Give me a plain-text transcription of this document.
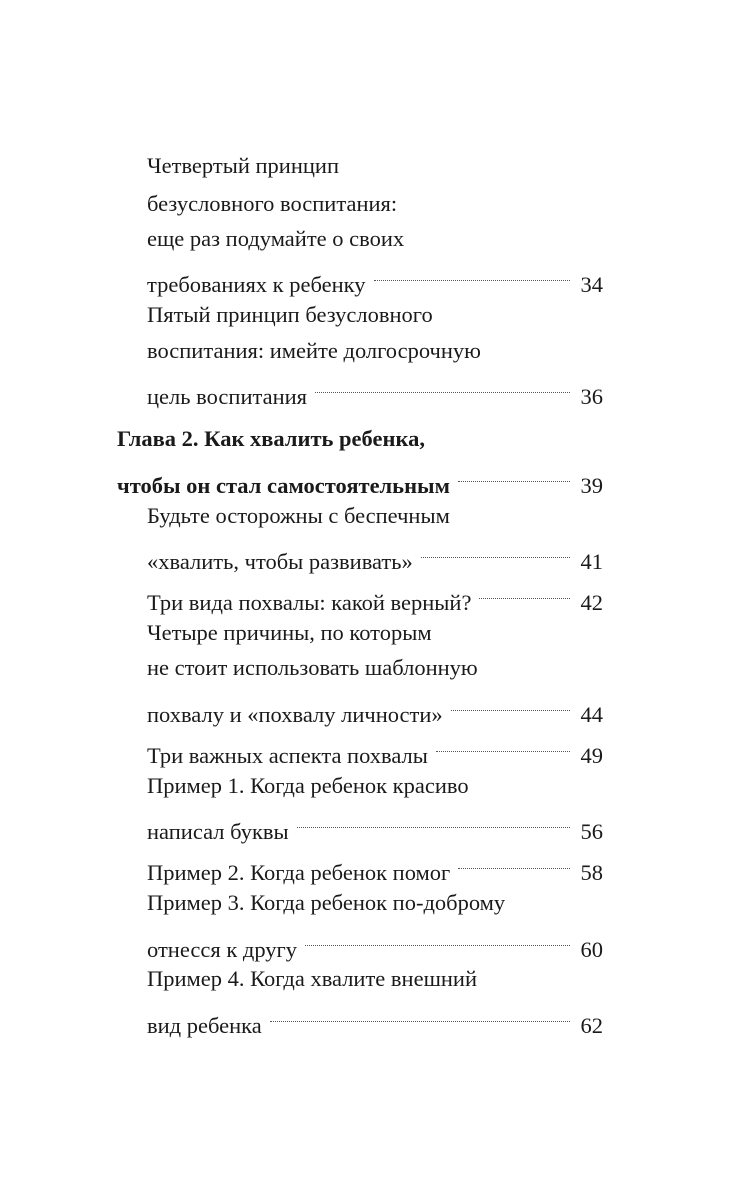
Четвертый принцип
безусловного воспитания:
еще раз подумайте о своих
требованиях к ребенку	34
Пятый принцип безусловного
воспитания: имейте долгосрочную
цель воспитания	36
Глава 2. Как хвалить ребенка,
чтобы он стал самостоятельным	39
Будьте осторожны с беспечным
«хвалить, чтобы развивать»	41
Три вида похвалы: какой верный?	42
Четыре причины, по которым
не стоит использовать шаблонную
похвалу и «похвалу личности»	44
Три важных аспекта похвалы	49
Пример 1. Когда ребенок красиво
написал буквы	56
Пример 2. Когда ребенок помог	58
Пример 3. Когда ребенок по-доброму
отнесся к другу	60
Пример 4. Когда хвалите внешний
вид ребенка	62
